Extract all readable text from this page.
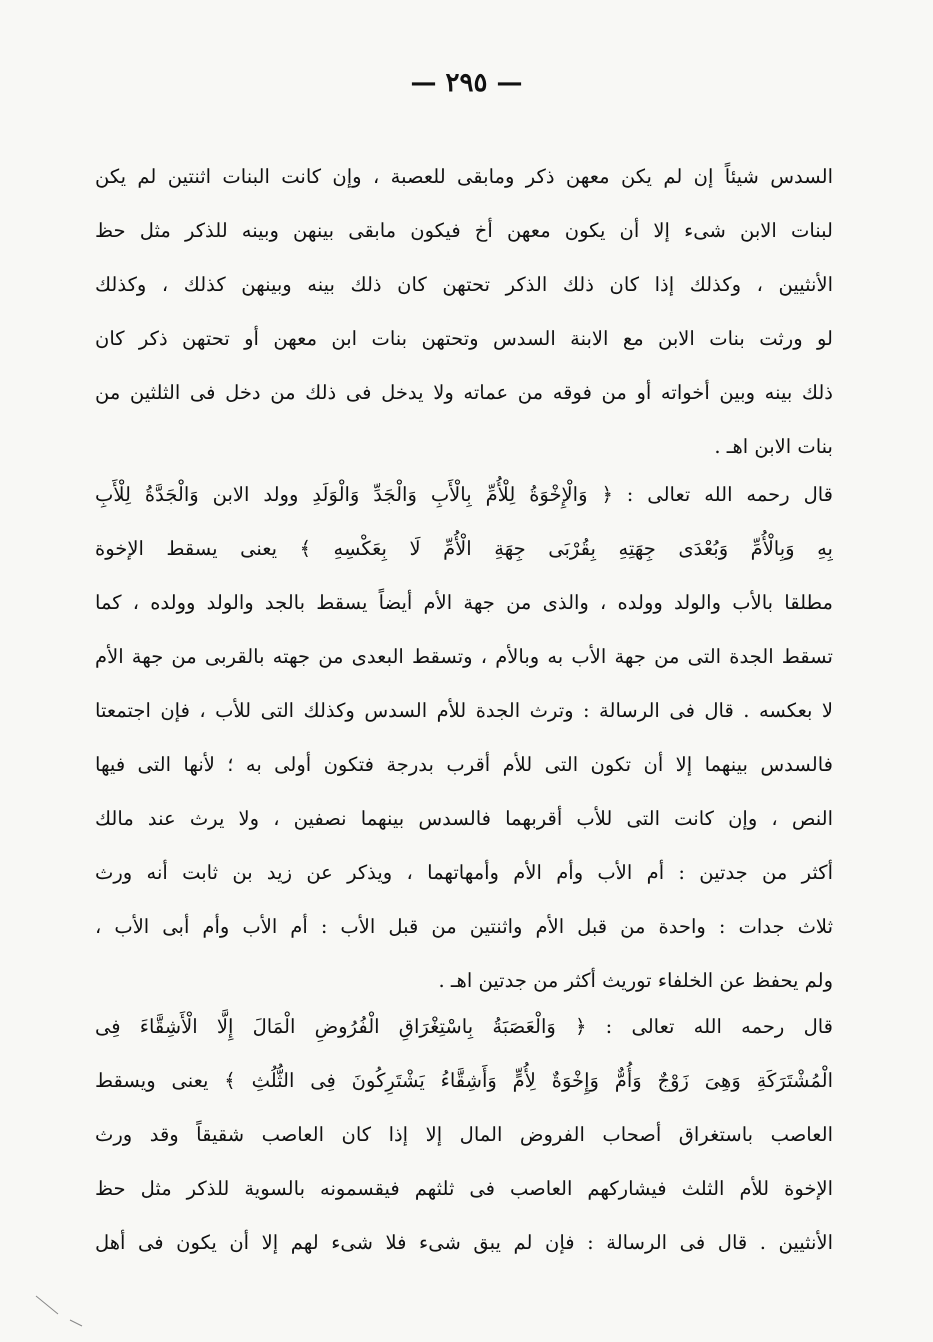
— ٢٩٥ —
السدس شيئاً إن لم يكن معهن ذكر ومابقى للعصبة ، وإن كانت البنات اثنتين لم يكن
لبنات الابن شىء إلا أن يكون معهن أخ فيكون مابقى بينهن وبينه للذكر مثل حظ
الأنثيين ، وكذلك إذا كان ذلك الذكر تحتهن كان ذلك بينه وبينهن كذلك ، وكذلك
لو ورثت بنات الابن مع الابنة السدس وتحتهن بنات ابن معهن أو تحتهن ذكر كان
ذلك بينه وبين أخواته أو من فوقه من عماته ولا يدخل فى ذلك من دخل فى الثلثين من
بنات الابن اهـ .
قال رحمه الله تعالى : ﴿ وَالْإِخْوَةُ لِلْأُمِّ بِالْأَبِ وَالْجَدِّ وَالْوَلَدِ وولد الابن وَالْجَدَّةُ لِلْأَبِ
بِهِ وَبِالْأُمِّ وَبُعْدَى جِهَتِهِ بِقُرْبَى جِهَةِ الْأُمِّ لَا بِعَكْسِهِ ﴾ يعنى يسقط الإخوة
مطلقا بالأب والولد وولده ، والذى من جهة الأم أيضاً يسقط بالجد والولد وولده ، كما
تسقط الجدة التى من جهة الأب به وبالأم ، وتسقط البعدى من جهته بالقربى من جهة الأم
لا بعكسه . قال فى الرسالة : وترث الجدة للأم السدس وكذلك التى للأب ، فإن اجتمعتا
فالسدس بينهما إلا أن تكون التى للأم أقرب بدرجة فتكون أولى به ؛ لأنها التى فيها
النص ، وإن كانت التى للأب أقربهما فالسدس بينهما نصفين ، ولا يرث عند مالك
أكثر من جدتين : أم الأب وأم الأم وأمهاتهما ، ويذكر عن زيد بن ثابت أنه ورث
ثلاث جدات : واحدة من قبل الأم واثنتين من قبل الأب : أم الأب وأم أبى الأب ،
ولم يحفظ عن الخلفاء توريث أكثر من جدتين اهـ .
قال رحمه الله تعالى : ﴿ وَالْعَصَبَةُ بِاسْتِغْرَاقِ الْفُرُوضِ الْمَالَ إِلَّا الْأَشِقَّاءَ فِى
الْمُشْتَرَكَةِ وَهِىَ زَوْجٌ وَأُمٌّ وَإِخْوَةٌ لِأُمٍّ وَأَشِقَّاءُ يَشْتَرِكُونَ فِى الثُّلُثِ ﴾ يعنى ويسقط
العاصب باستغراق أصحاب الفروض المال إلا إذا كان العاصب شقيقاً وقد ورث
الإخوة للأم الثلث فيشاركهم العاصب فى ثلثهم فيقسمونه بالسوية للذكر مثل حظ
الأنثيين . قال فى الرسالة : فإن لم يبق شىء فلا شىء لهم إلا أن يكون فى أهل
